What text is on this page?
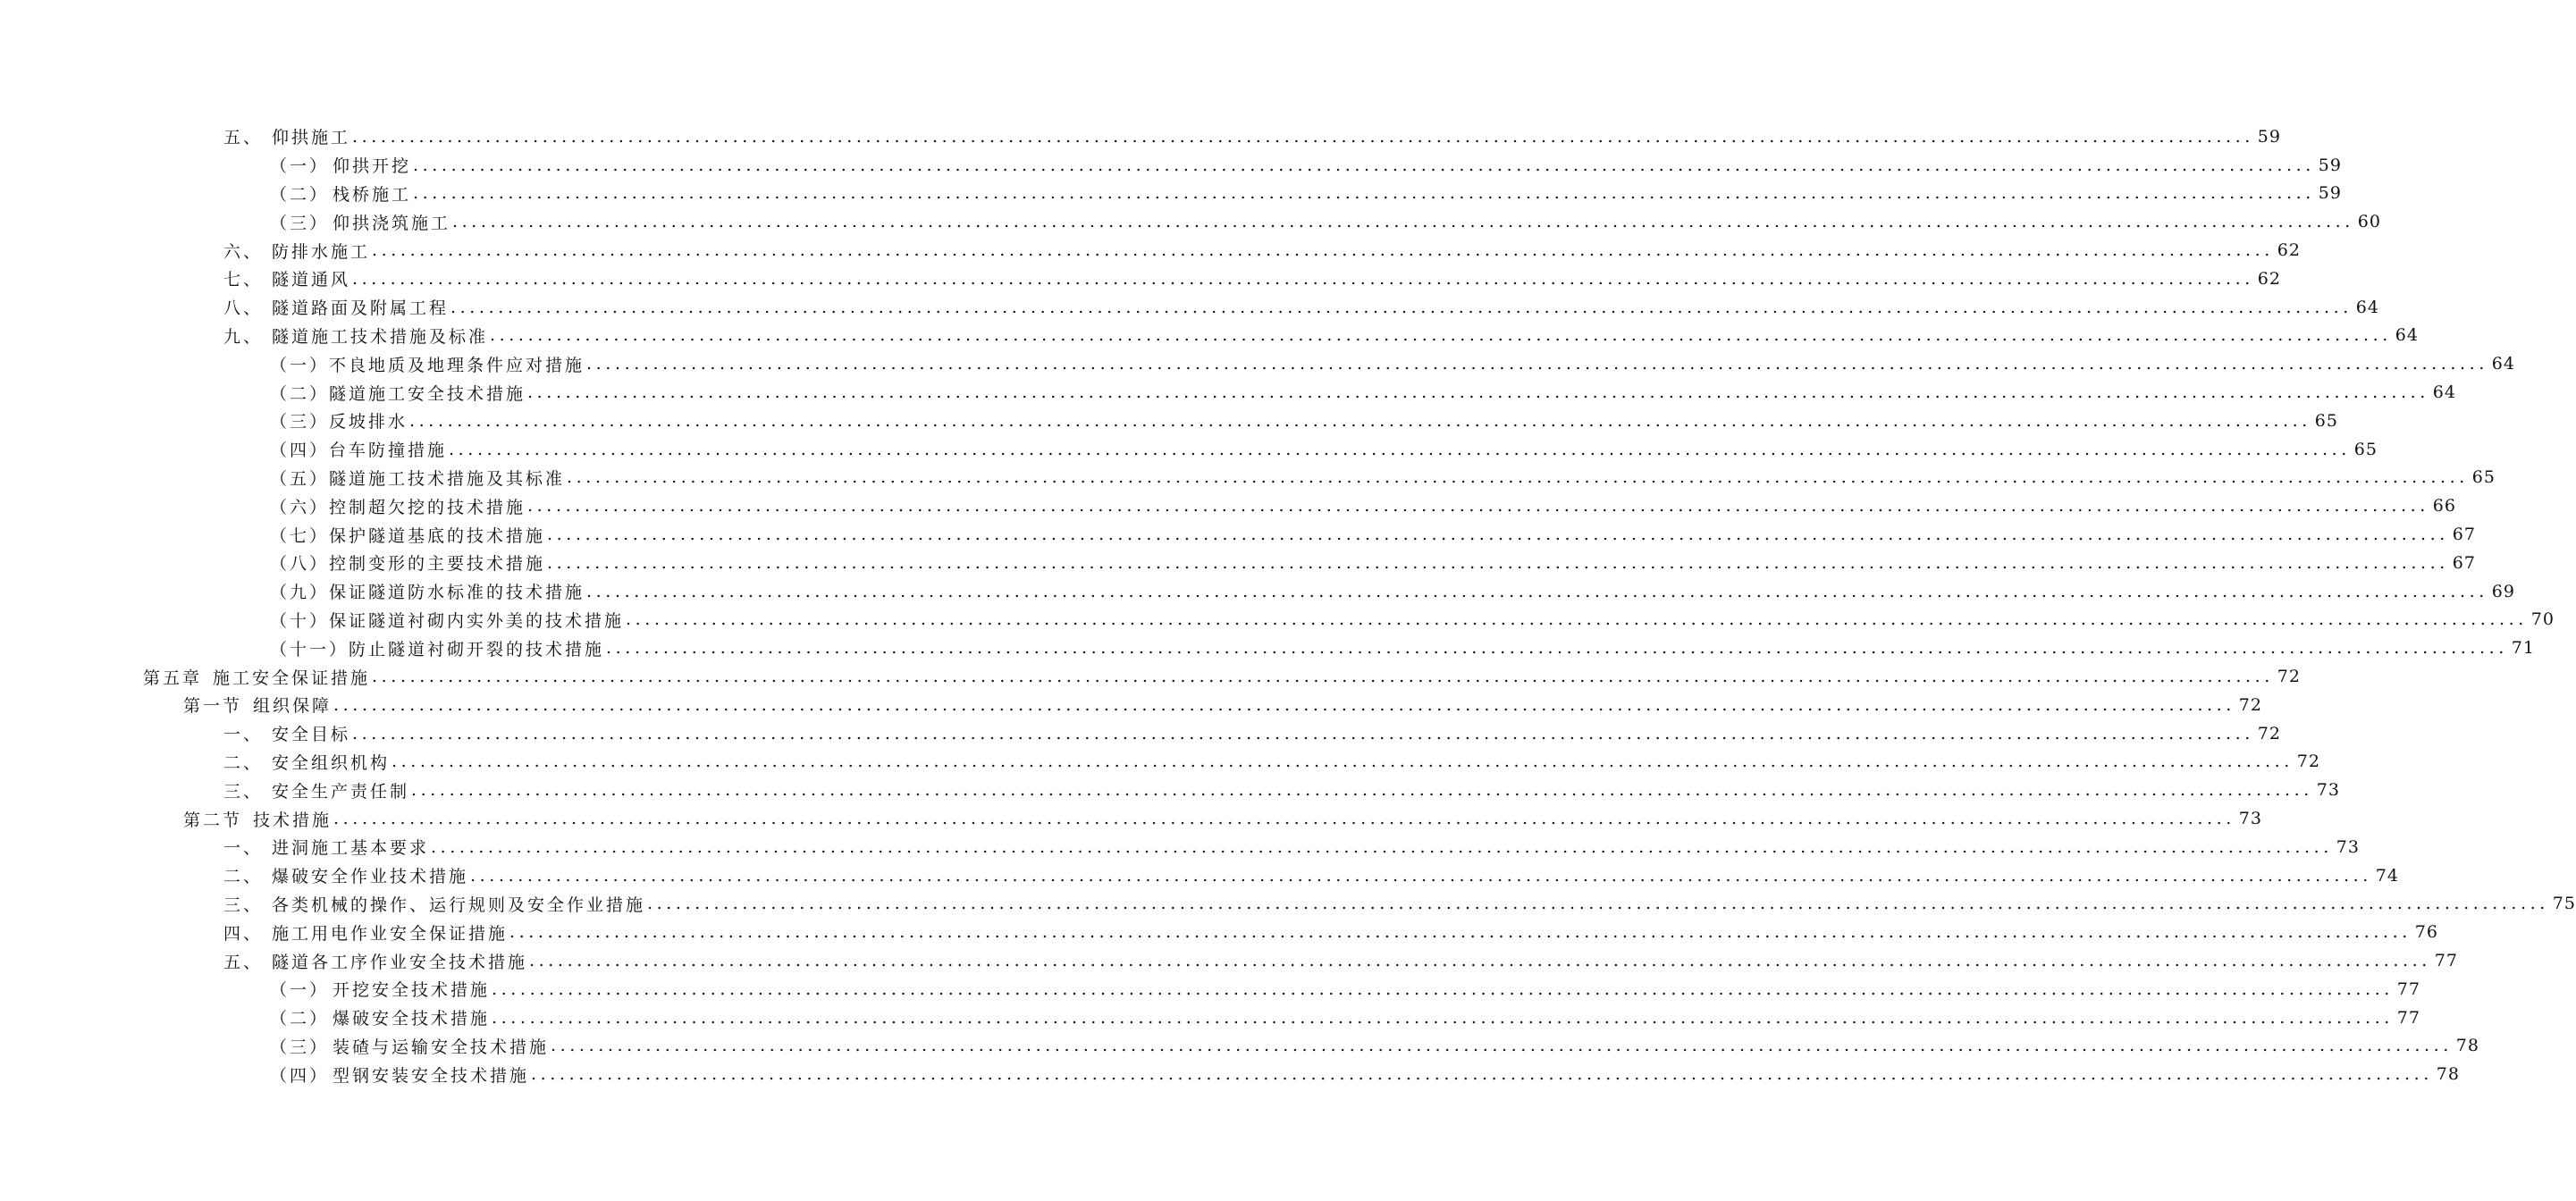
五、 仰拱施工 ........................................................................................................................................................................................................ 59
（一） 仰拱开挖 ........................................................................................................................................................................................................ 59
（二） 栈桥施工 ........................................................................................................................................................................................................ 59
（三） 仰拱浇筑施工 ........................................................................................................................................................................................................ 60
六、 防排水施工 ........................................................................................................................................................................................................ 62
七、 隧道通风 ........................................................................................................................................................................................................ 62
八、 隧道路面及附属工程 ........................................................................................................................................................................................................ 64
九、 隧道施工技术措施及标准 ........................................................................................................................................................................................................ 64
（一） 不良地质及地理条件应对措施 ........................................................................................................................................................................................................ 64
（二） 隧道施工安全技术措施 ........................................................................................................................................................................................................ 64
（三） 反坡排水 ........................................................................................................................................................................................................ 65
（四） 台车防撞措施 ........................................................................................................................................................................................................ 65
（五） 隧道施工技术措施及其标准 ........................................................................................................................................................................................................ 65
（六） 控制超欠挖的技术措施 ........................................................................................................................................................................................................ 66
（七） 保护隧道基底的技术措施 ........................................................................................................................................................................................................ 67
（八） 控制变形的主要技术措施 ........................................................................................................................................................................................................ 67
（九） 保证隧道防水标准的技术措施 ........................................................................................................................................................................................................ 69
（十） 保证隧道衬砌内实外美的技术措施 ........................................................................................................................................................................................................ 70
（十一） 防止隧道衬砌开裂的技术措施 ........................................................................................................................................................................................................ 71
第五章 施工安全保证措施 ........................................................................................................................................................................................................ 72
第一节 组织保障 ........................................................................................................................................................................................................ 72
一、 安全目标 ........................................................................................................................................................................................................ 72
二、 安全组织机构 ........................................................................................................................................................................................................ 72
三、 安全生产责任制 ........................................................................................................................................................................................................ 73
第二节 技术措施 ........................................................................................................................................................................................................ 73
一、 进洞施工基本要求 ........................................................................................................................................................................................................ 73
二、 爆破安全作业技术措施 ........................................................................................................................................................................................................ 74
三、 各类机械的操作、运行规则及安全作业措施 ........................................................................................................................................................................................................ 75
四、 施工用电作业安全保证措施 ........................................................................................................................................................................................................ 76
五、 隧道各工序作业安全技术措施 ........................................................................................................................................................................................................ 77
（一） 开挖安全技术措施 ........................................................................................................................................................................................................ 77
（二） 爆破安全技术措施 ........................................................................................................................................................................................................ 77
（三） 装碴与运输安全技术措施 ........................................................................................................................................................................................................ 78
（四） 型钢安装安全技术措施 ........................................................................................................................................................................................................ 78
